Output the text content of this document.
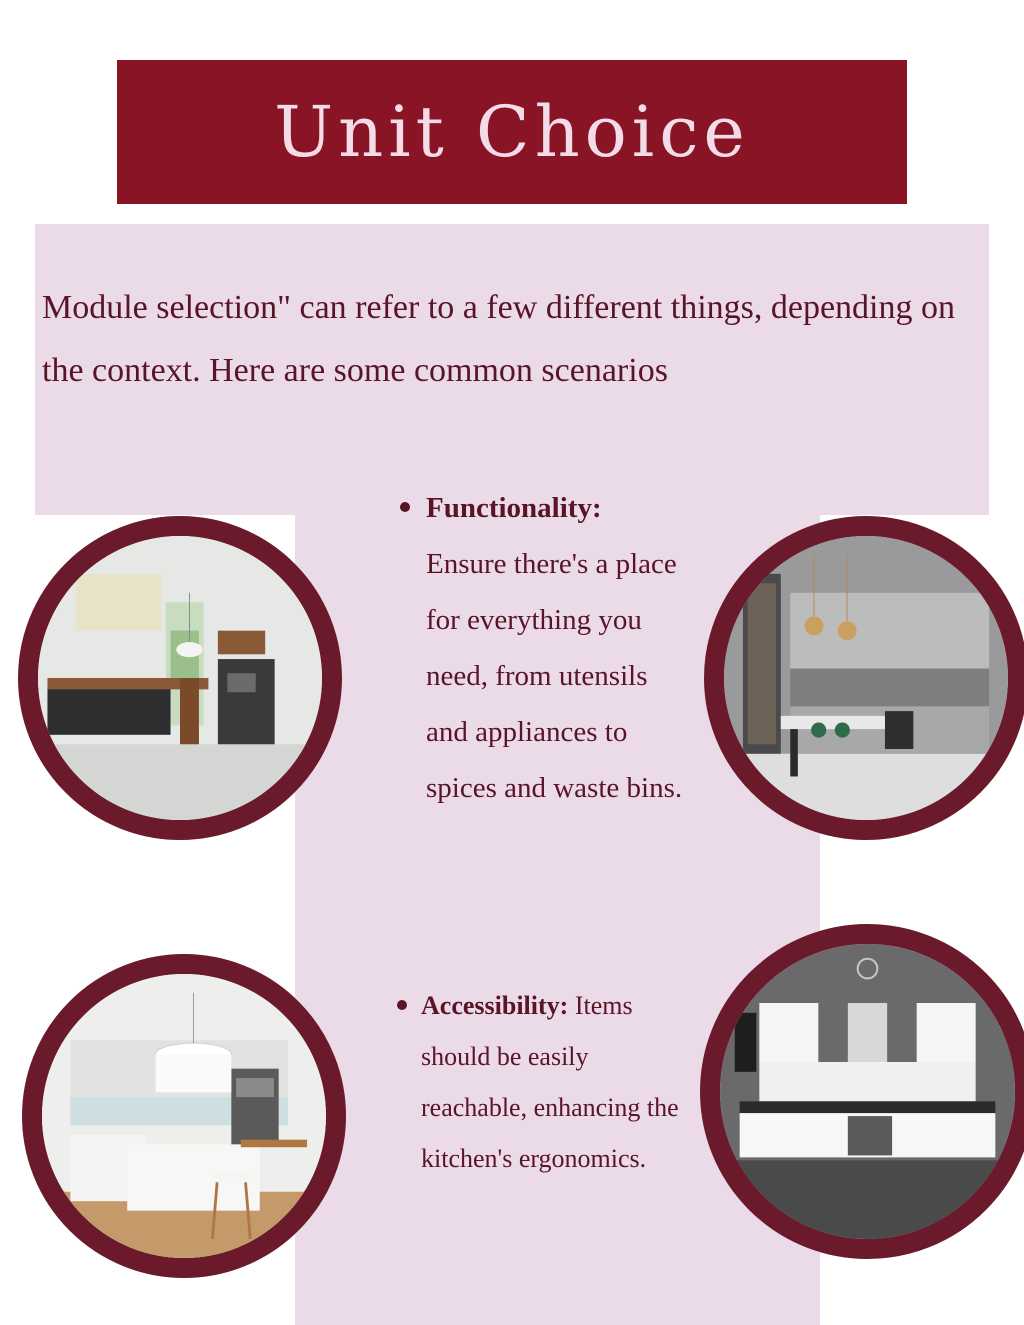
Unit Choice
Module selection" can refer to a few different things, depending on the context. Here are some common scenarios
Functionality:
Ensure there's a place for everything you need, from utensils and appliances to spices and waste bins.
Accessibility: Items should be easily reachable, enhancing the kitchen's ergonomics.
